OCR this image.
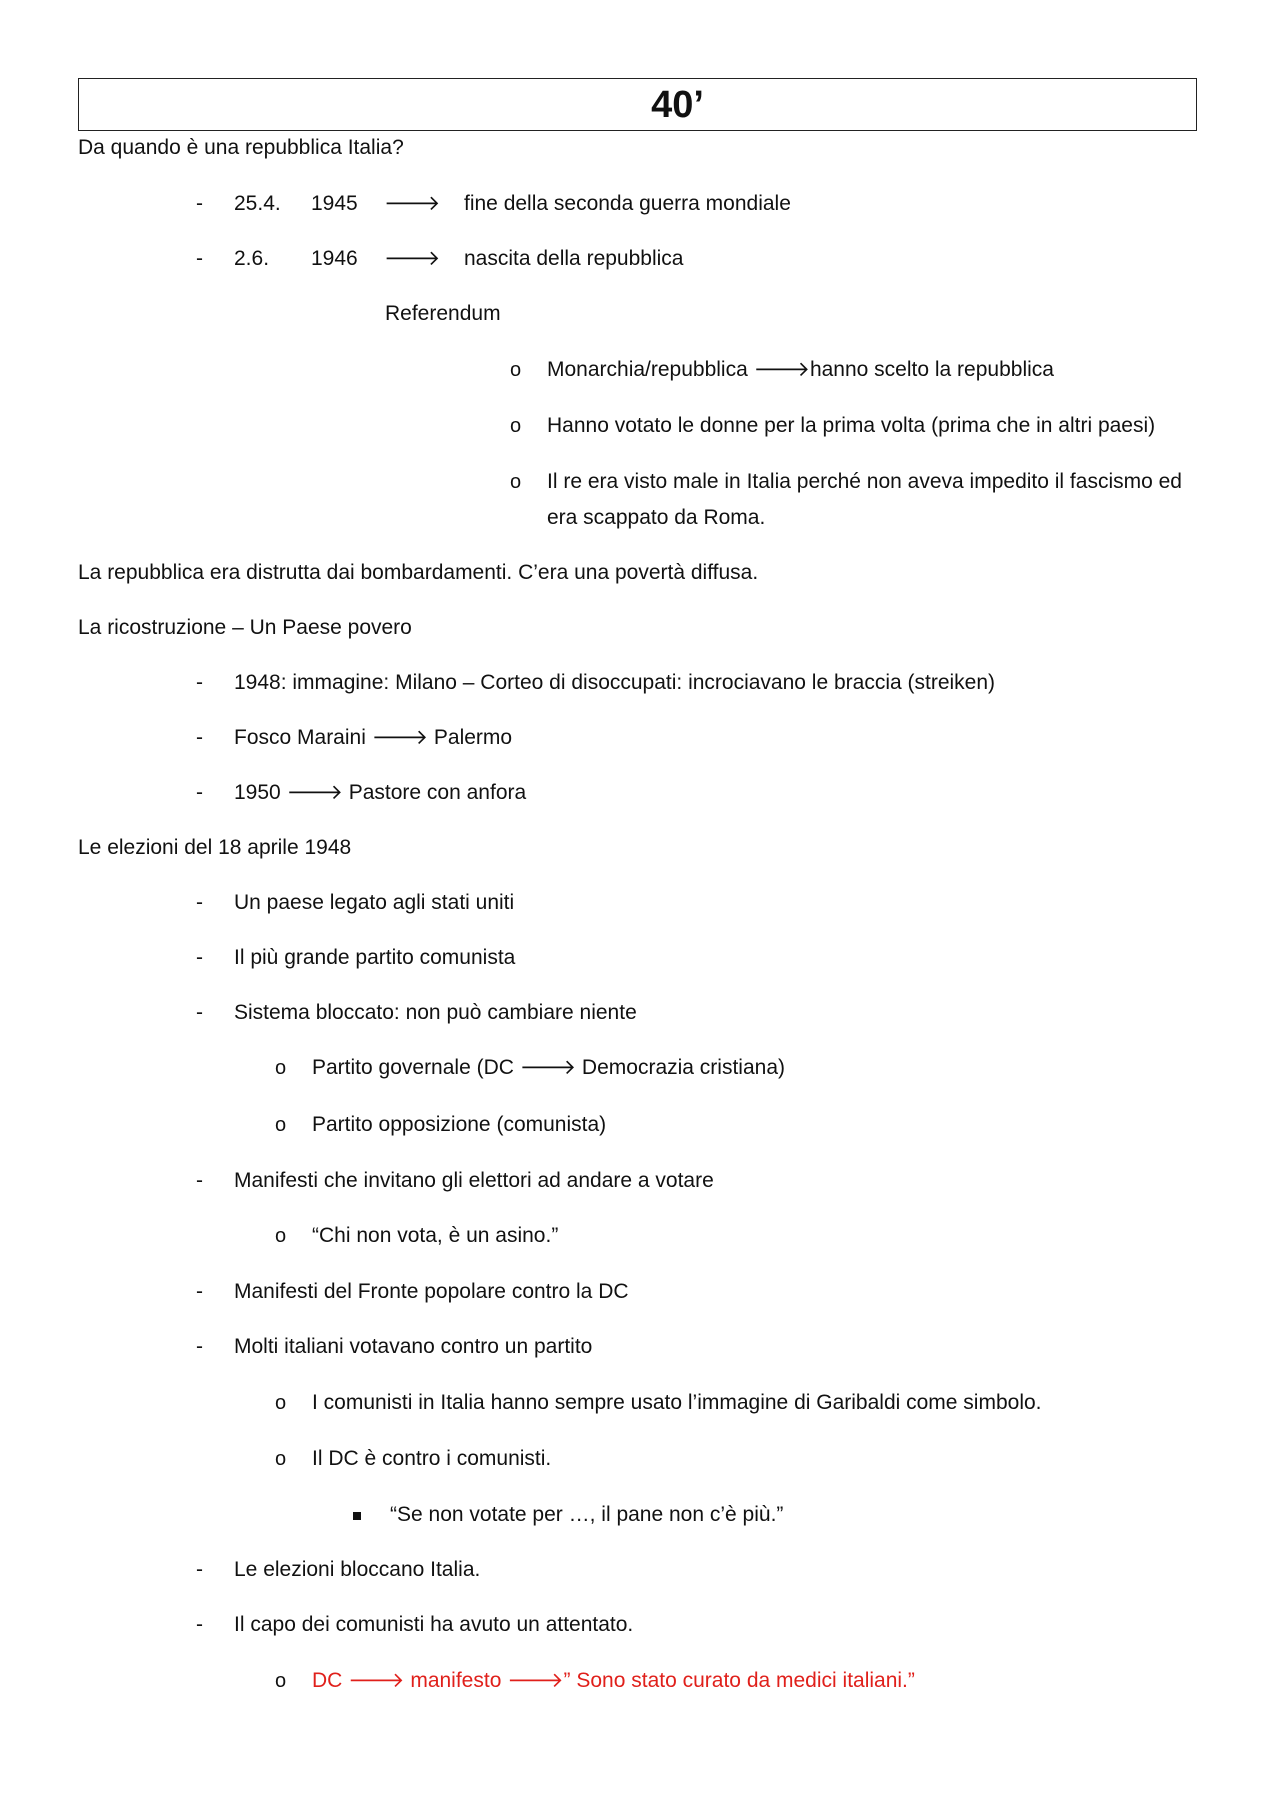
40’
Da quando è una repubblica Italia?
- 25.4. 1945 🡒 fine della seconda guerra mondiale
- 2.6. 1946 🡒 nascita della repubblica
Referendum
o Monarchia/repubblica 🡒hanno scelto la repubblica
o Hanno votato le donne per la prima volta (prima che in altri paesi)
o Il re era visto male in Italia perché non aveva impedito il fascismo ed
era scappato da Roma.
La repubblica era distrutta dai bombardamenti. C’era una povertà diffusa.
La ricostruzione – Un Paese povero
- 1948: immagine: Milano – Corteo di disoccupati: incrociavano le braccia (streiken)
- Fosco Maraini 🡒 Palermo
- 1950 🡒 Pastore con anfora
Le elezioni del 18 aprile 1948
- Un paese legato agli stati uniti
- Il più grande partito comunista
- Sistema bloccato: non può cambiare niente
o Partito governale (DC 🡒 Democrazia cristiana)
o Partito opposizione (comunista)
- Manifesti che invitano gli elettori ad andare a votare
o “Chi non vota, è un asino.”
- Manifesti del Fronte popolare contro la DC
- Molti italiani votavano contro un partito
o I comunisti in Italia hanno sempre usato l’immagine di Garibaldi come simbolo.
o Il DC è contro i comunisti.
“Se non votate per …, il pane non c’è più.”
- Le elezioni bloccano Italia.
- Il capo dei comunisti ha avuto un attentato.
o DC 🡒 manifesto 🡒” Sono stato curato da medici italiani.”
